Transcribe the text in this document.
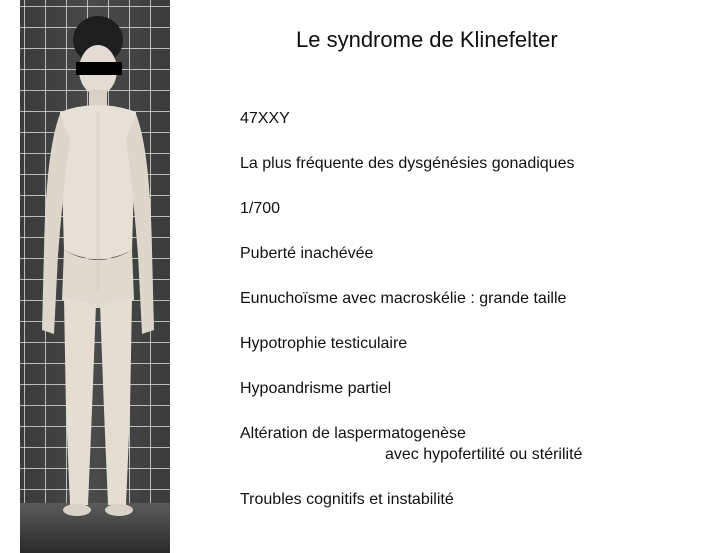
Le syndrome de Klinefelter
47XXY
La plus fréquente des dysgénésies gonadiques
1/700
Puberté inachévée
Eunuchoïsme avec macroskélie : grande taille
Hypotrophie testiculaire
Hypoandrisme partiel
Altération de laspermatogenèse
avec hypofertilité ou stérilité
Troubles cognitifs et instabilité
